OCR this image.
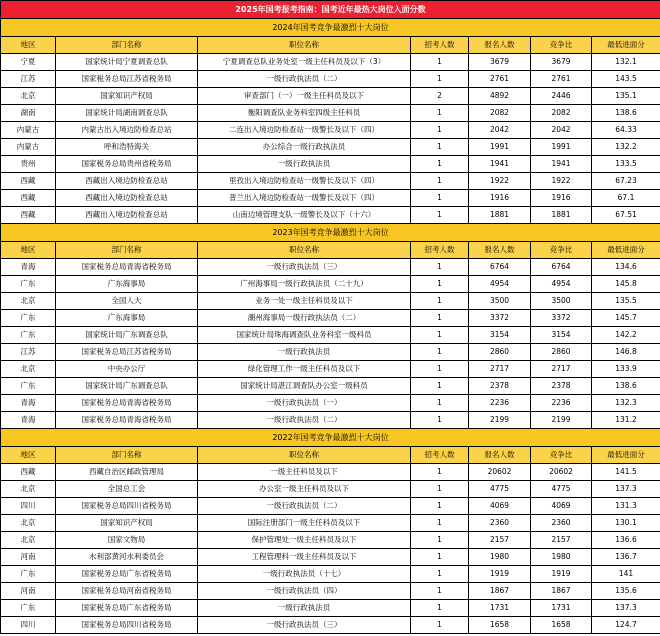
2025年国考报考指南：国考近年最热大岗位入面分数						
2024年国考竞争最激烈十大岗位						
地区	部门名称	职位名称	招考人数	报名人数	竞争比	最低进面分
宁夏	国家统计局宁夏调查总队	宁夏调查总队业务处室一级主任科员及以下（3）	1	3679	3679	132.1
江苏	国家税务总局江苏省税务局	一级行政执法员（二）	1	2761	2761	143.5
北京	国家知识产权局	审查部门（一）一级主任科员及以下	2	4892	2446	135.1
湖南	国家统计局湖南调查总队	衡阳调查队业务科室四级主任科员	1	2082	2082	138.6
内蒙古	内蒙古出入境边防检查总站	二连出入境边防检查站一级警长及以下（四）	1	2042	2042	64.33
内蒙古	呼和浩特海关	办公综合一级行政执法员	1	1991	1991	132.2
贵州	国家税务总局贵州省税务局	一级行政执法员	1	1941	1941	133.5
西藏	西藏出入境边防检查总站	里孜出入境边防检查站一级警长及以下（四）	1	1922	1922	67.23
西藏	西藏出入境边防检查总站	普兰出入境边防检查站一级警长及以下（四）	1	1916	1916	67.1
西藏	西藏出入境边防检查总站	山南边境管理支队一级警长及以下（十六）	1	1881	1881	67.51
2023年国考竞争最激烈十大岗位						
地区	部门名称	职位名称	招考人数	报名人数	竞争比	最低进面分
青海	国家税务总局青海省税务局	一级行政执法员（三）	1	6764	6764	134.6
广东	广东海事局	广州海事局一级行政执法员（二十九）	1	4954	4954	145.8
北京	全国人大	业务一处一级主任科员及以下	1	3500	3500	135.5
广东	广东海事局	潮州海事局一级行政执法员（二）	1	3372	3372	145.7
广东	国家统计局广东调查总队	国家统计局珠海调查队业务科室一级科员	1	3154	3154	142.2
江苏	国家税务总局江苏省税务局	一级行政执法员	1	2860	2860	146.8
北京	中央办公厅	绿化管理工作一级主任科员及以下	1	2717	2717	133.9
广东	国家统计局广东调查总队	国家统计局湛江调查队办公室一级科员	1	2378	2378	138.6
青海	国家税务总局青海省税务局	一级行政执法员（一）	1	2236	2236	132.3
青海	国家税务总局青海省税务局	一级行政执法员（二）	1	2199	2199	131.2
2022年国考竞争最激烈十大岗位						
地区	部门名称	职位名称	招考人数	报名人数	竞争比	最低进面分
西藏	西藏自治区邮政管理局	一级主任科员及以下	1	20602	20602	141.5
北京	全国总工会	办公室一级主任科员及以下	1	4775	4775	137.3
四川	国家税务总局四川省税务局	一级行政执法员（二）	1	4069	4069	131.3
北京	国家知识产权局	国际注册部门一级主任科员及以下	1	2360	2360	130.1
北京	国家文物局	保护管理处一级主任科员及以下	1	2157	2157	136.6
河南	水利部黄河水利委员会	工程管理科一级主任科员及以下	1	1980	1980	136.7
广东	国家税务总局广东省税务局	一级行政执法员（十七）	1	1919	1919	141
河南	国家税务总局河南省税务局	一级行政执法员（四）	1	1867	1867	135.6
广东	国家税务总局广东省税务局	一级行政执法员	1	1731	1731	137.3
四川	国家税务总局四川省税务局	一级行政执法员（三）	1	1658	1658	124.7
